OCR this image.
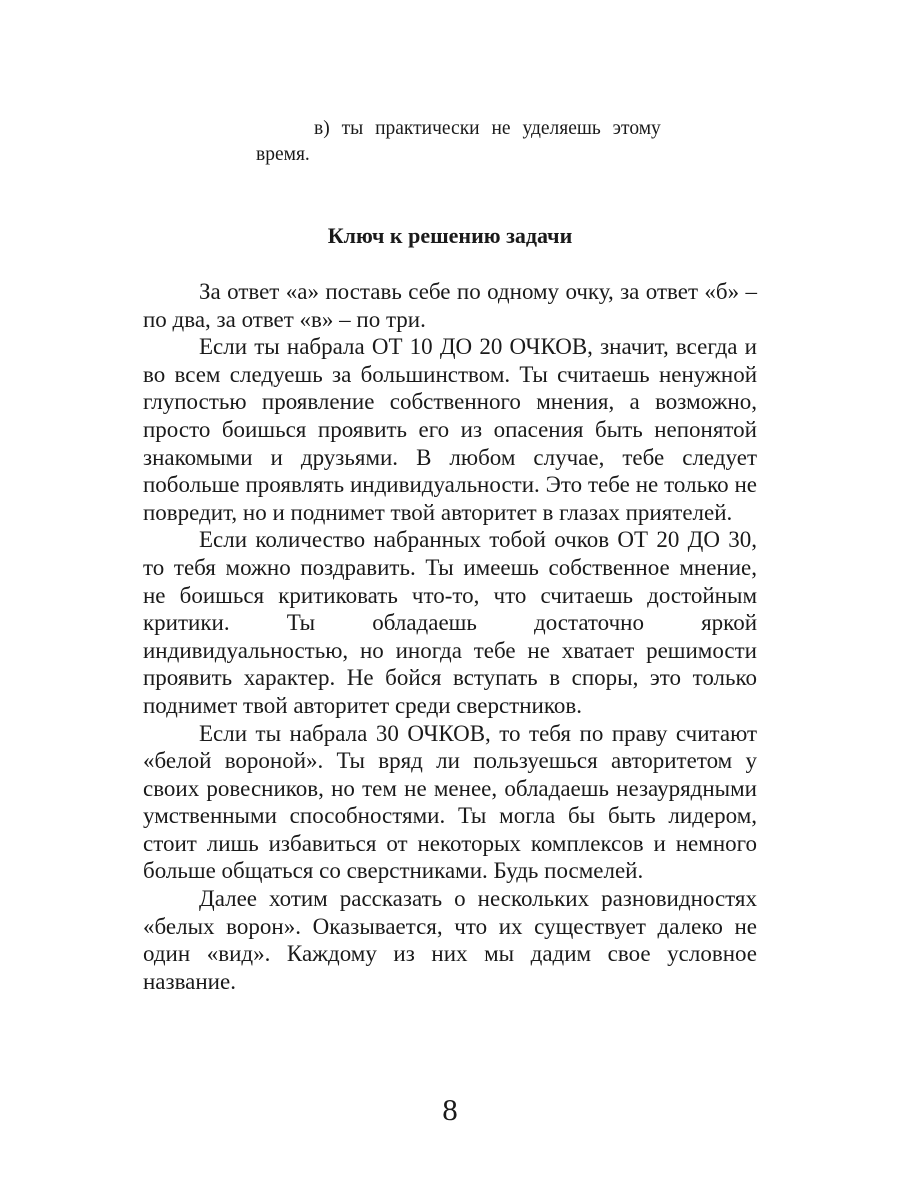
в) ты практически не уделяешь этому
время.
Ключ к решению задачи

За ответ «а» поставь себе по одному очку, за ответ «б» – по два, за ответ «в» – по три.

Если ты набрала ОТ 10 ДО 20 ОЧКОВ, значит, всегда и во всем следуешь за большинством. Ты считаешь ненужной глупостью проявление собственного мнения, а возможно, просто боишься проявить его из опасения быть непонятой знакомыми и друзьями. В любом случае, тебе следует побольше проявлять индивидуальности. Это тебе не только не повредит, но и поднимет твой авторитет в глазах приятелей.

Если количество набранных тобой очков ОТ 20 ДО 30, то тебя можно поздравить. Ты имеешь собственное мнение, не боишься критиковать что-то, что считаешь достойным критики. Ты обладаешь достаточно яркой индивидуальностью, но иногда тебе не хватает решимости проявить характер. Не бойся вступать в споры, это только поднимет твой авторитет среди сверстников.

Если ты набрала 30 ОЧКОВ, то тебя по праву считают «белой вороной». Ты вряд ли пользуешься авторитетом у своих ровесников, но тем не менее, обладаешь незаурядными умственными способностями. Ты могла бы быть лидером, стоит лишь избавиться от некоторых комплексов и немного больше общаться со сверстниками. Будь посмелей.

Далее хотим рассказать о нескольких разновидностях «белых ворон». Оказывается, что их существует далеко не один «вид». Каждому из них мы дадим свое условное название.

8
